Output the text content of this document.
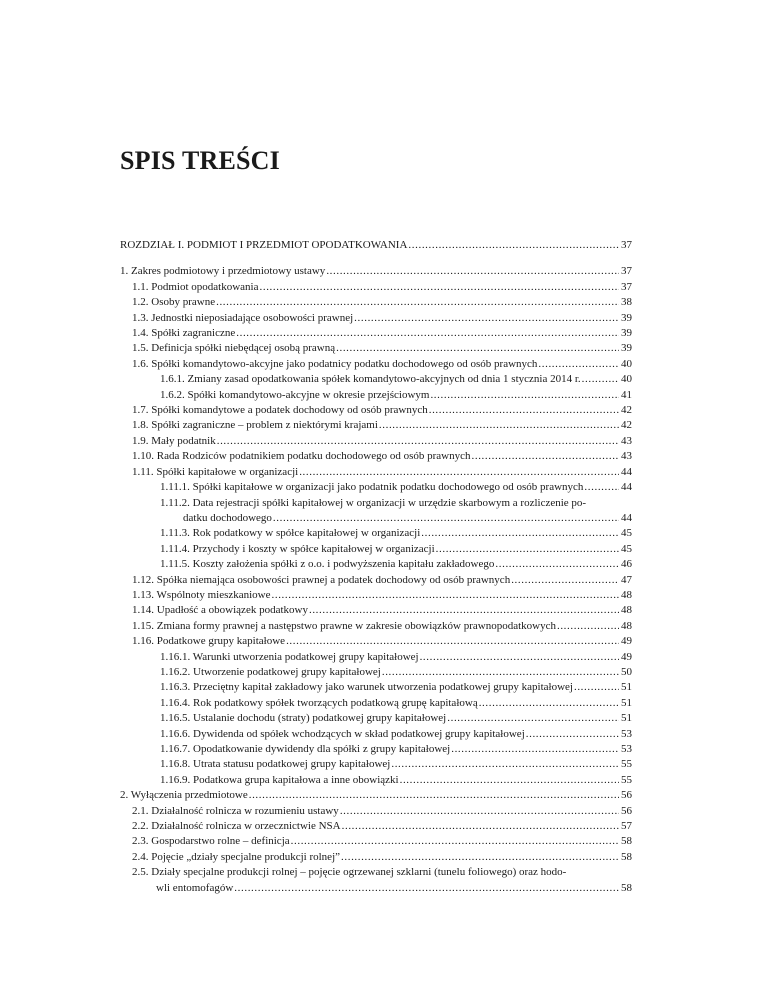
SPIS TREŚCI
ROZDZIAŁ I. PODMIOT I PRZEDMIOT OPODATKOWANIA .....	37
1. Zakres podmiotowy i przedmiotowy ustawy .....	37
1.1. Podmiot opodatkowania .....	37
1.2. Osoby prawne .....	38
1.3. Jednostki nieposiadające osobowości prawnej .....	39
1.4. Spółki zagraniczne .....	39
1.5. Definicja spółki niebędącej osobą prawną .....	39
1.6. Spółki komandytowo-akcyjne jako podatnicy podatku dochodowego od osób prawnych .....	40
1.6.1. Zmiany zasad opodatkowania spółek komandytowo-akcyjnych od dnia 1 stycznia 2014 r. .....	40
1.6.2. Spółki komandytowo-akcyjne w okresie przejściowym .....	41
1.7. Spółki komandytowe a podatek dochodowy od osób prawnych .....	42
1.8. Spółki zagraniczne – problem z niektórymi krajami .....	42
1.9. Mały podatnik .....	43
1.10. Rada Rodziców podatnikiem podatku dochodowego od osób prawnych .....	43
1.11. Spółki kapitałowe w organizacji .....	44
1.11.1. Spółki kapitałowe w organizacji jako podatnik podatku dochodowego od osób prawnych .....	44
1.11.2. Data rejestracji spółki kapitałowej w organizacji w urzędzie skarbowym a rozliczenie po-
datku dochodowego .....	44
1.11.3. Rok podatkowy w spółce kapitałowej w organizacji .....	45
1.11.4. Przychody i koszty w spółce kapitałowej w organizacji .....	45
1.11.5. Koszty założenia spółki z o.o. i podwyższenia kapitału zakładowego .....	46
1.12. Spółka niemająca osobowości prawnej a podatek dochodowy od osób prawnych .....	47
1.13. Wspólnoty mieszkaniowe .....	48
1.14. Upadłość a obowiązek podatkowy .....	48
1.15. Zmiana formy prawnej a następstwo prawne w zakresie obowiązków prawnopodatkowych .....	48
1.16. Podatkowe grupy kapitałowe .....	49
1.16.1. Warunki utworzenia podatkowej grupy kapitałowej .....	49
1.16.2. Utworzenie podatkowej grupy kapitałowej .....	50
1.16.3. Przeciętny kapitał zakładowy jako warunek utworzenia podatkowej grupy kapitałowej .....	51
1.16.4. Rok podatkowy spółek tworzących podatkową grupę kapitałową .....	51
1.16.5. Ustalanie dochodu (straty) podatkowej grupy kapitałowej .....	51
1.16.6. Dywidenda od spółek wchodzących w skład podatkowej grupy kapitałowej .....	53
1.16.7. Opodatkowanie dywidendy dla spółki z grupy kapitałowej .....	53
1.16.8. Utrata statusu podatkowej grupy kapitałowej .....	55
1.16.9. Podatkowa grupa kapitałowa a inne obowiązki .....	55
2. Wyłączenia przedmiotowe .....	56
2.1. Działalność rolnicza w rozumieniu ustawy .....	56
2.2. Działalność rolnicza w orzecznictwie NSA .....	57
2.3. Gospodarstwo rolne – definicja .....	58
2.4. Pojęcie „działy specjalne produkcji rolnej” .....	58
2.5. Działy specjalne produkcji rolnej – pojęcie ogrzewanej szklarni (tunelu foliowego) oraz hodo-
wli entomofagów .....	58
